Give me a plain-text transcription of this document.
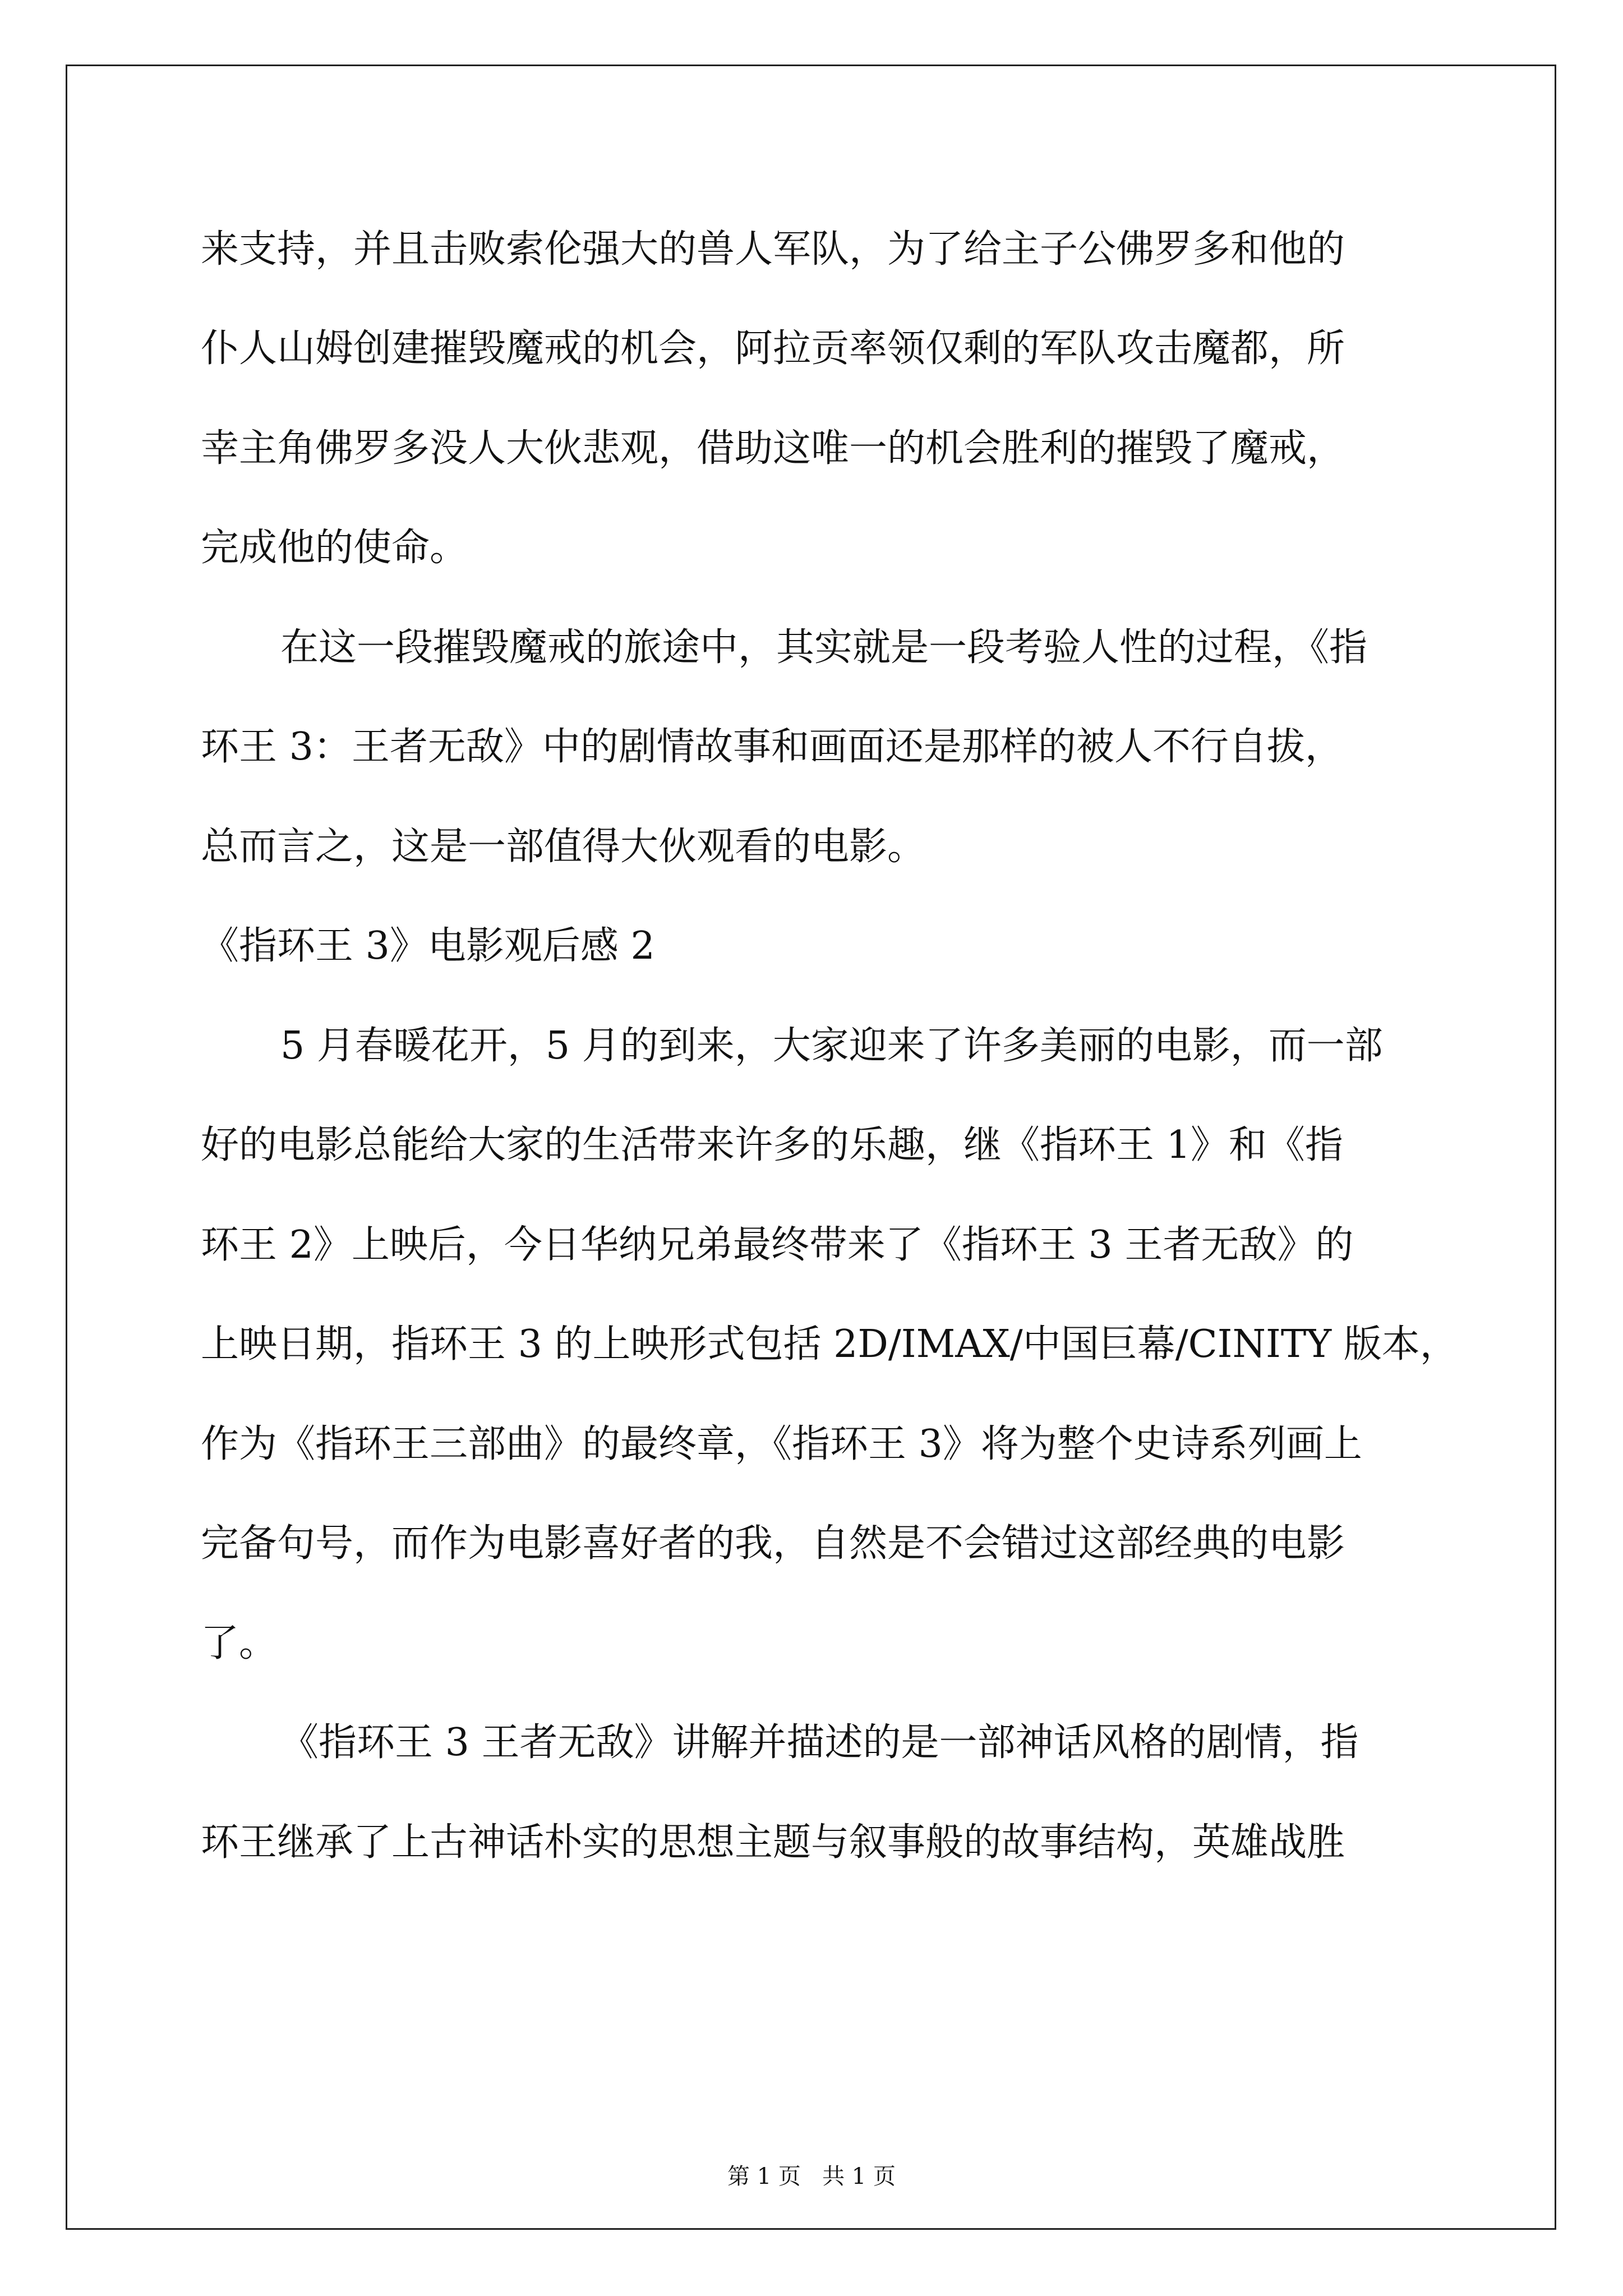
来支持，并且击败索伦强大的兽人军队，为了给主子公佛罗多和他的

仆人山姆创建摧毁魔戒的机会，阿拉贡率领仅剩的军队攻击魔都，所

幸主角佛罗多没人大伙悲观，借助这唯一的机会胜利的摧毁了魔戒，

完成他的使命。

在这一段摧毁魔戒的旅途中，其实就是一段考验人性的过程，《指

环王 3：王者无敌》中的剧情故事和画面还是那样的被人不行自拔，

总而言之，这是一部值得大伙观看的电影。

《指环王 3》电影观后感 2

5 月春暖花开，5 月的到来，大家迎来了许多美丽的电影，而一部

好的电影总能给大家的生活带来许多的乐趣，继《指环王 1》和《指

环王 2》上映后，今日华纳兄弟最终带来了《指环王 3 王者无敌》的

上映日期，指环王 3 的上映形式包括 2D/IMAX/中国巨幕/CINITY 版本，

作为《指环王三部曲》的最终章，《指环王 3》将为整个史诗系列画上

完备句号，而作为电影喜好者的我，自然是不会错过这部经典的电影

了。

《指环王 3 王者无敌》讲解并描述的是一部神话风格的剧情，指

环王继承了上古神话朴实的思想主题与叙事般的故事结构，英雄战胜

第 1 页   共 1 页
